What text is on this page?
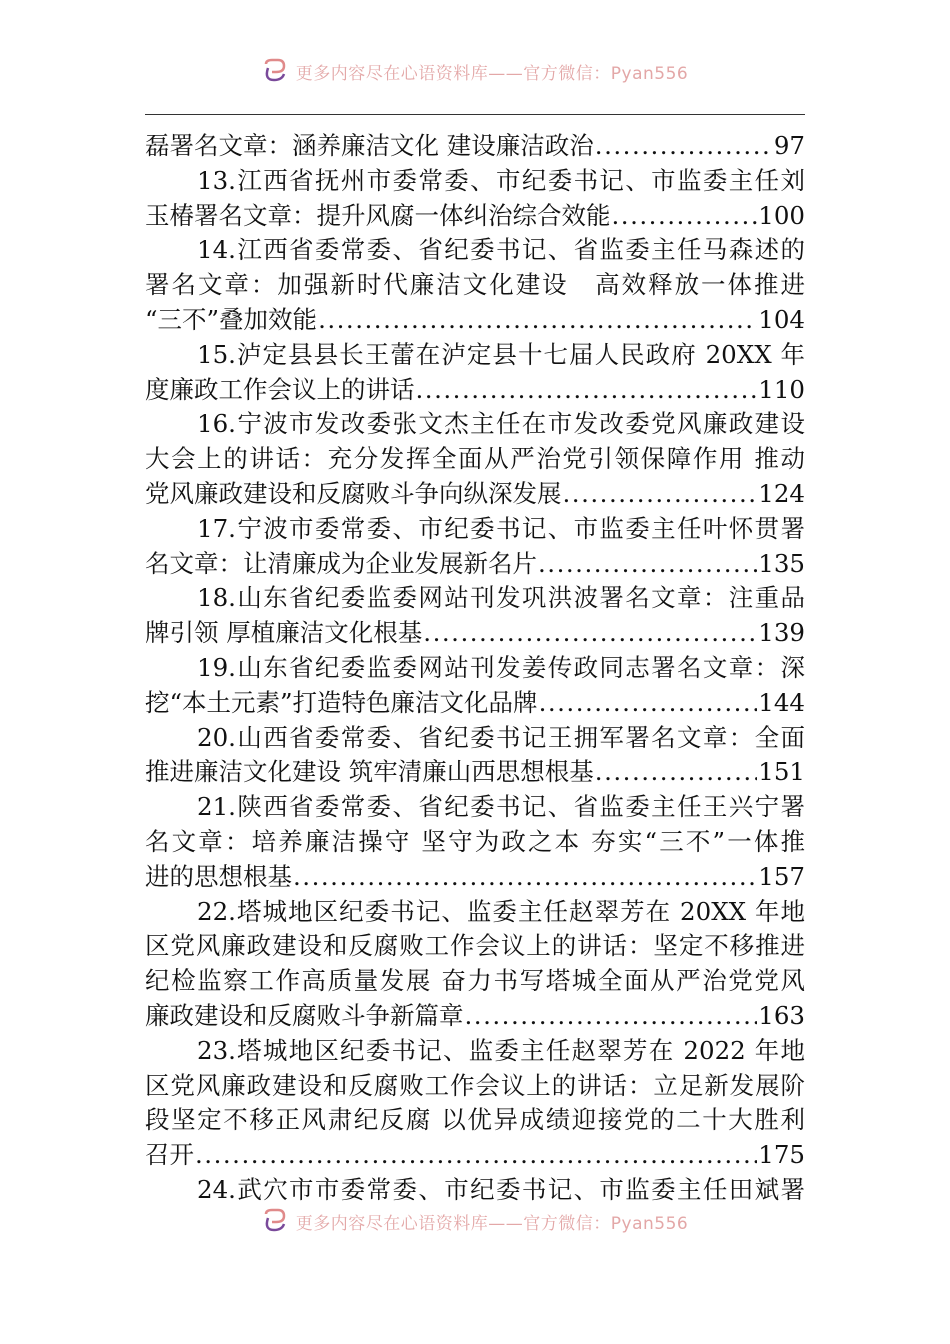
更多内容尽在心语资料库——官方微信：Pyan556
磊署名文章：涵养廉洁文化 建设廉洁政治 .....	97
13.江西省抚州市委常委、市纪委书记、市监委主任刘
玉椿署名文章：提升风腐一体纠治综合效能 .....	100
14.江西省委常委、省纪委书记、省监委主任马森述的
署名文章：加强新时代廉洁文化建设　高效释放一体推进
“三不”叠加效能 .....	104
15.泸定县县长王蕾在泸定县十七届人民政府 20XX 年
度廉政工作会议上的讲话 .....	110
16.宁波市发改委张文杰主任在市发改委党风廉政建设
大会上的讲话：充分发挥全面从严治党引领保障作用 推动
党风廉政建设和反腐败斗争向纵深发展 .....	124
17.宁波市委常委、市纪委书记、市监委主任叶怀贯署
名文章：让清廉成为企业发展新名片 .....	135
18.山东省纪委监委网站刊发巩洪波署名文章：注重品
牌引领 厚植廉洁文化根基 .....	139
19.山东省纪委监委网站刊发姜传政同志署名文章：深
挖“本土元素”打造特色廉洁文化品牌 .....	144
20.山西省委常委、省纪委书记王拥军署名文章：全面
推进廉洁文化建设 筑牢清廉山西思想根基 .....	151
21.陕西省委常委、省纪委书记、省监委主任王兴宁署
名文章：培养廉洁操守 坚守为政之本 夯实“三不”一体推
进的思想根基 .....	157
22.塔城地区纪委书记、监委主任赵翠芳在 20XX 年地
区党风廉政建设和反腐败工作会议上的讲话：坚定不移推进
纪检监察工作高质量发展 奋力书写塔城全面从严治党党风
廉政建设和反腐败斗争新篇章 .....	163
23.塔城地区纪委书记、监委主任赵翠芳在 2022 年地
区党风廉政建设和反腐败工作会议上的讲话：立足新发展阶
段坚定不移正风肃纪反腐 以优异成绩迎接党的二十大胜利
召开 .....	175
24.武穴市市委常委、市纪委书记、市监委主任田斌署
更多内容尽在心语资料库——官方微信：Pyan556
